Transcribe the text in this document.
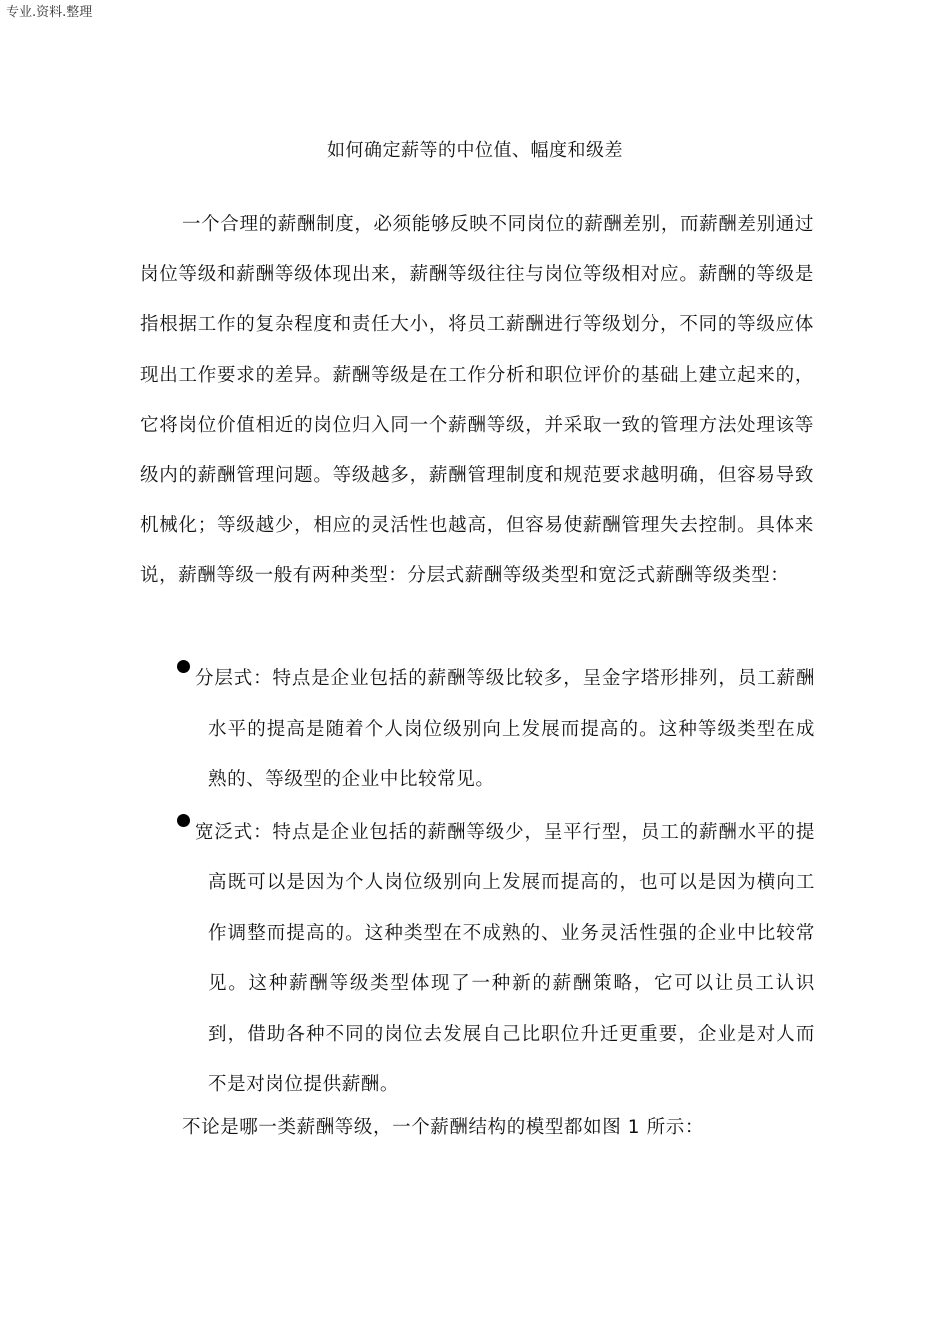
专业.资料.整理
如何确定薪等的中位值、幅度和级差

一个合理的薪酬制度，必须能够反映不同岗位的薪酬差别，而薪酬差别通过岗位等级和薪酬等级体现出来，薪酬等级往往与岗位等级相对应。薪酬的等级是指根据工作的复杂程度和责任大小，将员工薪酬进行等级划分，不同的等级应体现出工作要求的差异。薪酬等级是在工作分析和职位评价的基础上建立起来的，它将岗位价值相近的岗位归入同一个薪酬等级，并采取一致的管理方法处理该等级内的薪酬管理问题。等级越多，薪酬管理制度和规范要求越明确，但容易导致机械化；等级越少，相应的灵活性也越高，但容易使薪酬管理失去控制。具体来说，薪酬等级一般有两种类型：分层式薪酬等级类型和宽泛式薪酬等级类型：

分层式：特点是企业包括的薪酬等级比较多，呈金字塔形排列，员工薪酬水平的提高是随着个人岗位级别向上发展而提高的。这种等级类型在成熟的、等级型的企业中比较常见。
宽泛式：特点是企业包括的薪酬等级少，呈平行型，员工的薪酬水平的提高既可以是因为个人岗位级别向上发展而提高的，也可以是因为横向工作调整而提高的。这种类型在不成熟的、业务灵活性强的企业中比较常见。这种薪酬等级类型体现了一种新的薪酬策略，它可以让员工认识到，借助各种不同的岗位去发展自己比职位升迁更重要，企业是对人而不是对岗位提供薪酬。

不论是哪一类薪酬等级，一个薪酬结构的模型都如图 1 所示：
